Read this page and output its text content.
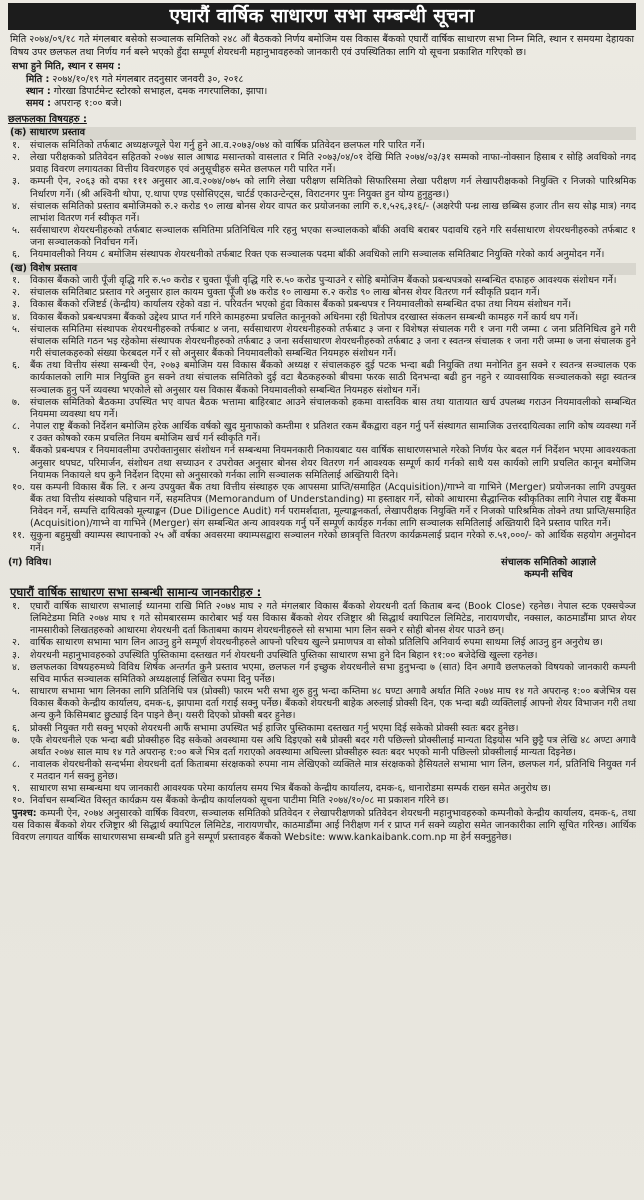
एघारौं वार्षिक साधारण सभा सम्बन्धी सूचना
मिति २०७४/०९/१८ गते मंगलबार बसेको सञ्चालक समितिको २४८ औं बैठकको निर्णय बमोजिम यस विकास बैंकको एघारौं वार्षिक साधारण सभा निम्न मिति, स्थान र समयमा देहायका विषय उपर छलफल तथा निर्णय गर्न बस्ने भएको हुँदा सम्पूर्ण शेयरधनी महानुभावहरुको जानकारी एवं उपस्थितिका लागि यो सूचना प्रकाशित गरिएको छ।
सभा हुने मिति, स्थान र समय :
मिति : २०७४/१०/१९ गते मंगलबार तदनुसार जनवरी ३०, २०१८
स्थान : गोरखा डिपार्टमेन्ट स्टोरको सभाहल, दमक नगरपालिका, झापा।
समय : अपरान्ह १:०० बजे।
छलफलका विषयहरु :
(क) साधारण प्रस्ताव
१. संचालक समितिको तर्फबाट अध्यक्षज्यूले पेश गर्नु हुने आ.व.२०७३/०७४ को वार्षिक प्रतिवेदन छलफल गरि पारित गर्ने।
२. लेखा परीक्षकको प्रतिवेदन सहितको २०७४ साल आषाढ मसान्तको वासलात र मिति २०७३/०४/०१ देखि मिति २०७४/०३/३१ सम्मको नाफा-नोक्सान हिसाब र सोहि अवधिको नगद प्रवाह विवरण लगायतका वित्तीय विवरणहरु एवं अनुसूचीहरु समेत छलफल गरी पारित गर्ने।
३. कम्पनी ऐन, २०६३ को दफा १११ अनुसार आ.व.२०७४/०७५ को लागि लेखा परीक्षण समितिको सिफारिसमा लेखा परीक्षण गर्न लेखापरीक्षकको नियुक्ति र निजको पारिश्रमिक निर्धारण गर्ने। (श्री अश्विनी थोपा, ए.थापा एण्ड एसोसिएट्स, चार्टर्ड एकाउन्टेन्ट्स, विराटनगर पुनः नियुक्त हुन योग्य हुनुहुन्छ।)
४. संचालक समितिको प्रस्ताव बमोजिमको रु.२ करोड ९० लाख बोनस शेयर वापत कर प्रयोजनका लागि रु.१,५२६,३१६/- (अक्षरेपी पन्ध्र लाख छब्बिस हजार तीन सय सोह्र मात्र) नगद लाभांश वितरण गर्न स्वीकृत गर्ने।
५. सर्वसाधारण शेयरधनीहरुको तर्फबाट सञ्चालक समितिमा प्रतिनिधित्व गरि रहनु भएका सञ्चालकको बाँकी अवधि बराबर पदावधि रहने गरि सर्वसाधारण शेयरधनीहरुको तर्फबाट १ जना सञ्चालकको निर्वाचन गर्ने।
६. नियमावलीको नियम ८ बमोजिम संस्थापक शेयरधनीको तर्फबाट रिक्त एक सञ्चालक पदमा बाँकी अवधिको लागि सञ्चालक समितिबाट नियुक्ति गरेको कार्य अनुमोदन गर्ने।
(ख) विशेष प्रस्ताव
१. विकास बैंकको जारी पूँजी वृद्धि गरि रु.५० करोड र चुक्ता पूँजी वृद्धि गरि रु.५० करोड पुऱ्याउने र सोहि बमोजिम बैंकको प्रबन्धपत्रको सम्बन्धित दफाहरु आवश्यक संशोधन गर्ने।
२. संचालक समितिबाट प्रस्ताव गरे अनुसार हाल कायम चुक्ता पूँजी ४७ करोड १० लाखमा रु.२ करोड ९० लाख बोनस शेयर वितरण गर्न स्वीकृति प्रदान गर्ने।
३. विकास बैंकको रजिष्टर्ड (केन्द्रीय) कार्यालय रहेको वडा नं. परिवर्तन भएको हुंदा विकास बैंकको प्रबन्धपत्र र नियमावलीको सम्बन्धित दफा तथा नियम संशोधन गर्ने।
४. विकास बैंकको प्रबन्धपत्रमा बैंकको उद्देश्य प्राप्त गर्न गरिने कामहरुमा प्रचलित कानूनको अधिनमा रही धितोपत्र दरखास्त संकलन सम्बन्धी कामहरु गर्ने कार्य थप गर्ने।
५. संचालक समितिमा संस्थापक शेयरधनीहरुको तर्फबाट ४ जना, सर्वसाधारण शेयरधनीहरुको तर्फबाट ३ जना र विशेषज्ञ संचालक गरी १ जना गरी जम्मा ८ जना प्रतिनिधित्व हुने गरी संचालक समिति गठन भइ रहेकोमा संस्थापक शेयरधनीहरुको तर्फबाट ३ जना सर्वसाधारण शेयरधनीहरुको तर्फबाट ३ जना र स्वतन्त्र संचालक १ जना गरी जम्मा ७ जना संचालक हुने गरी संचालकहरुको संख्या फेरबदल गर्ने र सो अनुसार बैंकको नियमावलीको सम्बन्धित नियमहरु संशोधन गर्ने।
६. बैंक तथा वित्तीय संस्था सम्बन्धी ऐन, २०७३ बमोजिम यस विकास बैंकको अध्यक्ष र संचालकहरु दुई पटक भन्दा बढी नियुक्ति तथा मनोनित हुन सक्ने र स्वतन्त्र सञ्चालक एक कार्यकालको लागि मात्र नियुक्ति हुन सक्ने तथा संचालक समितिको दुई वटा बैठकहरुको बीचमा फरक साठी दिनभन्दा बढी हुन नहुने र व्यावसायिक सञ्चालकको सट्टा स्वतन्त्र सञ्चालक हुनु पर्ने व्यवस्था भएकोले सो अनुसार यस विकास बैंकको नियमावलीको सम्बन्धित नियमहरु संशोधन गर्ने।
७. संचालक समितिको बैठकमा उपस्थित भए वापत बैठक भत्तामा बाहिरबाट आउने संचालकको हकमा वास्तविक बास तथा यातायात खर्च उपलब्ध गराउन नियमावलीको सम्बन्धित नियममा व्यवस्था थप गर्ने।
८. नेपाल राष्ट्र बैंकको निर्देशन बमोजिम हरेक आर्थिक वर्षको खुद मुनाफाको कम्तीमा १ प्रतिशत रकम बैंकद्वारा वहन गर्नु पर्ने संस्थागत सामाजिक उत्तरदायित्वका लागि कोष व्यवस्था गर्ने र उक्त कोषको रकम प्रचलित नियम बमोजिम खर्च गर्न स्वीकृति गर्ने।
९. बैंकको प्रबन्धपत्र र नियमावलीमा उपरोक्तानुसार संशोधन गर्न सम्बन्धमा नियमनकारी निकायबाट यस वार्षिक साधारणसभाले गरेको निर्णय फेर बदल गर्न निर्देशन भएमा आवश्यकता अनुसार थपघट, परिमार्जन, संशोधन तथा सच्याउन र उपरोक्त अनुसार बोनस शेयर वितरण गर्न आवश्यक सम्पूर्ण कार्य गर्नको साथै यस कार्यको लागि प्रचलित कानून बमोजिम नियामक निकायले थप कुनै निर्देशन दिएमा सो अनुसारको गर्नका लागि सञ्चालक समितिलाई अख्तियारी दिने।
१०. यस कम्पनी विकास बैंक लि. र अन्य उपयुक्त बैंक तथा वित्तीय संस्थाहरु एक आपसमा प्राप्ति/समाहित (Acquisition)/गाभ्ने वा गाभिने (Merger) प्रयोजनका लागि उपयुक्त बैंक तथा वित्तीय संस्थाको पहिचान गर्ने, सहमतिपत्र (Memorandum of Understanding) मा हस्ताक्षर गर्ने, सोको आधारमा सैद्धान्तिक स्वीकृतिका लागि नेपाल राष्ट्र बैंकमा निवेदन गर्ने, सम्पत्ति दायित्वको मूल्याङ्कन (Due Diligence Audit) गर्न परामर्शदाता, मूल्याङ्कनकर्ता, लेखापरीक्षक नियुक्ति गर्ने र निजको पारिश्रमिक तोक्ने तथा प्राप्ति/समाहित (Acquisition)/गाभ्ने वा गाभिने (Merger) संग सम्बन्धित अन्य आवश्यक गर्नु पर्ने सम्पूर्ण कार्यहरु गर्नका लागि सञ्चालक समितिलाई अख्तियारी दिने प्रस्ताव पारित गर्ने।
११. सुकुना बहुमुखी क्याम्पस स्थापनाको २५ औं वर्षका अवसरमा क्याम्पसद्वारा सञ्चालन गरेको छात्रवृत्ति वितरण कार्यक्रमलाई प्रदान गरेको रु.५१,०००/- को आर्थिक सहयोग अनुमोदन गर्ने।
(ग) विविध।	संचालक समितिको आज्ञाले
कम्पनी सचिव
एघारौं वार्षिक साधारण सभा सम्बन्धी सामान्य जानकारीहरु :
१. एघारौं वार्षिक साधारण सभालाई ध्यानमा राखि मिति २०७४ माघ २ गते मंगलबार विकास बैंकको शेयरधनी दर्ता किताब बन्द (Book Close) रहनेछ। नेपाल स्टक एक्सचेञ्ज लिमिटेडमा मिति २०७४ माघ १ गते सोमबारसम्म कारोबार भई यस विकास बैंकको शेयर रजिष्ट्रार श्री सिद्धार्थ क्यापिटल लिमिटेड, नारायणचौर, नक्साल, काठमाडौंमा प्राप्त शेयर नामसारीको लिखतहरुको आधारमा शेयरधनी दर्ता किताबमा कायम शेयरधनीहरुले सो सभामा भाग लिन सक्ने र सोही बोनस शेयर पाउने छन्।
२. वार्षिक साधारण सभामा भाग लिन आउनु हुने सम्पूर्ण शेयरधनीहरुले आफ्नो परिचय खुल्ने प्रमाणपत्र वा सोको प्रतिलिपि अनिवार्य रुपमा साथमा लिई आउनु हुन अनुरोध छ।
३. शेयरधनी महानुभावहरुको उपस्थिति पुस्तिकामा दस्तखत गर्न शेयरधनी उपस्थिति पुस्तिका साधारण सभा हुने दिन बिहान ११:०० बजेदेखि खुल्ला रहनेछ।
४. छलफलका विषयहरुमध्ये विविध शिर्षक अन्तर्गत कुनै प्रस्ताव भएमा, छलफल गर्न इच्छुक शेयरधनीले सभा हुनुभन्दा ७ (सात) दिन अगावै छलफलको विषयको जानकारी कम्पनी सचिव मार्फत सञ्चालक समितिको अध्यक्षलाई लिखित रुपमा दिनु पर्नेछ।
५. साधारण सभामा भाग लिनका लागि प्रतिनिधि पत्र (प्रोक्सी) फारम भरी सभा शुरु हुनु भन्दा कम्तिमा ४८ घण्टा अगावै अर्थात मिति २०७४ माघ १४ गते अपरान्ह १:०० बजेभित्र यस विकास बैंकको केन्द्रीय कार्यालय, दमक-६, झापामा दर्ता गराई सक्नु पर्नेछ। बैंकको शेयरधनी बाहेक अरुलाई प्रोक्सी दिन, एक भन्दा बढी व्यक्तिलाई आफ्नो शेयर विभाजन गरी तथा अन्य कुनै किसिमबाट छुट्याई दिन पाइने छैन्। यसरी दिएको प्रोक्सी बदर हुनेछ।
६. प्रोक्सी नियुक्त गरी सक्नु भएको शेयरधनी आफैं सभामा उपस्थित भई हाजिर पुस्तिकामा दस्तखत गर्नु भएमा दिई सकेको प्रोक्सी स्वतः बदर हुनेछ।
७. एकै शेयरधनीले एक भन्दा बढी प्रोक्सीहरु दिइ सकेको अवस्थामा यस अघि दिइएको सबै प्रोक्सी बदर गरी पछिल्लो प्रोक्सीलाई मान्यता दिइयोस भनि छुट्टै पत्र लेखि ४८ अण्टा अगावै अर्थात २०७४ साल माघ १४ गते अपरान्ह १:०० बजे भित्र दर्ता गराएको अवस्थामा अघिल्ला प्रोक्सीहरु स्वतः बदर भएको मानी पछिल्लो प्रोक्सीलाई मान्यता दिइनेछ।
८. नावालक शेयरधनीको सन्दर्भमा शेयरधनी दर्ता किताबमा संरक्षकको रुपमा नाम लेखिएको व्यक्तिले मात्र संरक्षकको हैसियतले सभामा भाग लिन, छलफल गर्न, प्रतिनिधि नियुक्त गर्न र मतदान गर्न सक्नु हुनेछ।
९. साधारण सभा सम्बन्धमा थप जानकारी आवश्यक परेमा कार्यालय समय भित्र बैंकको केन्द्रीय कार्यालय, दमक-६, धानारोडमा सम्पर्क राख्न समेत अनुरोध छ।
१०. निर्वाचन सम्बन्धित विस्तृत कार्यक्रम यस बैंकको केन्द्रीय कार्यालयको सूचना पाटीमा मिति २०७४/१०/०८ मा प्रकाशन गरिने छ।
पुनश्च: कम्पनी ऐन, २०७४ अनुसारको वार्षिक विवरण, सञ्चालक समितिको प्रतिवेदन र लेखापरीक्षणको प्रतिवेदन शेयरधनी महानुभावहरुको कम्पनीको केन्द्रीय कार्यालय, दमक-६, तथा यस विकास बैंकको शेयर रजिष्ट्रार श्री सिद्धार्थ क्यापिटल लिमिटेड, नारायणचौर, काठमाडौंमा आई निरीक्षण गर्न र प्राप्त गर्न सक्ने व्यहोरा समेत जानकारीका लागि सूचित गरिन्छ। आर्थिक विवरण लगायत वार्षिक साधारणसभा सम्बन्धी प्रति हुने सम्पूर्ण प्रस्तावहरु बैंकको Website: www.kankaibank.com.np मा हेर्न सक्नुहुनेछ।
